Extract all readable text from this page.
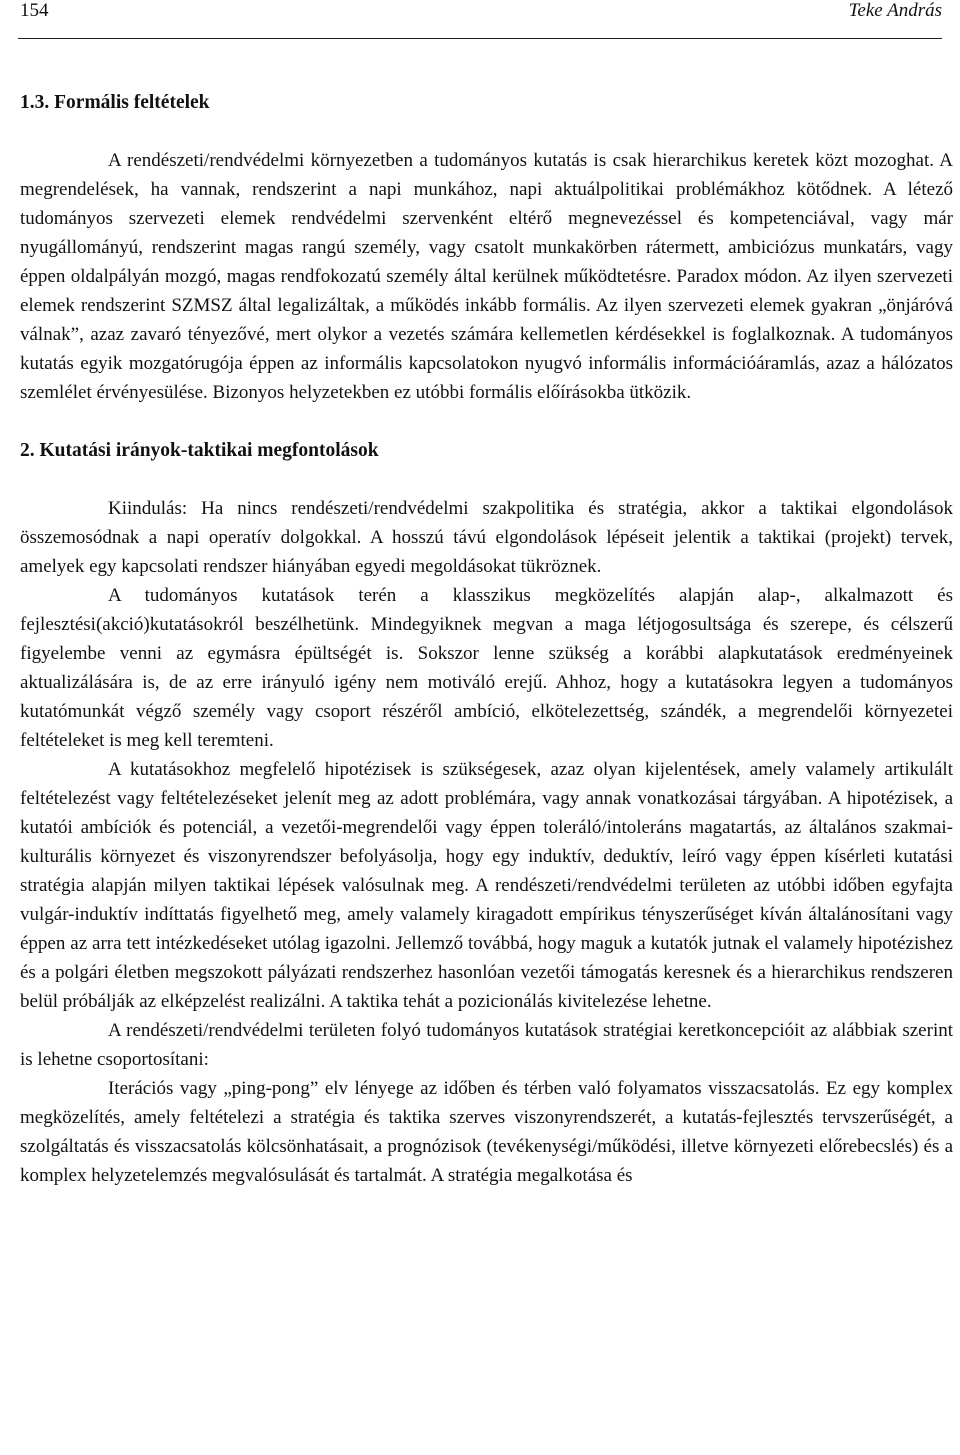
154	Teke András
1.3. Formális feltételek

A rendészeti/rendvédelmi környezetben a tudományos kutatás is csak hierarchikus keretek közt mozoghat. A megrendelések, ha vannak, rendszerint a napi munkához, napi aktuálpolitikai problémákhoz kötődnek. A létező tudományos szervezeti elemek rendvédelmi szervenként eltérő megnevezéssel és kompetenciával, vagy már nyugállományú, rendszerint magas rangú személy, vagy csatolt munkakörben rátermett, ambiciózus munkatárs, vagy éppen oldalpályán mozgó, magas rendfokozatú személy által kerülnek működtetésre. Paradox módon. Az ilyen szervezeti elemek rendszerint SZMSZ által legalizáltak, a működés inkább formális. Az ilyen szervezeti elemek gyakran „önjáróvá válnak”, azaz zavaró tényezővé, mert olykor a vezetés számára kellemetlen kérdésekkel is foglalkoznak. A tudományos kutatás egyik mozgatórugója éppen az informális kapcsolatokon nyugvó informális információáramlás, azaz a hálózatos szemlélet érvényesülése. Bizonyos helyzetekben ez utóbbi formális előírásokba ütközik.

2. Kutatási irányok-taktikai megfontolások

Kiindulás: Ha nincs rendészeti/rendvédelmi szakpolitika és stratégia, akkor a taktikai elgondolások összemosódnak a napi operatív dolgokkal. A hosszú távú elgondolások lépéseit jelentik a taktikai (projekt) tervek, amelyek egy kapcsolati rendszer hiányában egyedi megoldásokat tükröznek.

A tudományos kutatások terén a klasszikus megközelítés alapján alap-, alkalmazott és fejlesztési(akció)kutatásokról beszélhetünk. Mindegyiknek megvan a maga létjogosultsága és szerepe, és célszerű figyelembe venni az egymásra épültségét is. Sokszor lenne szükség a korábbi alapkutatások eredményeinek aktualizálására is, de az erre irányuló igény nem motiváló erejű. Ahhoz, hogy a kutatásokra legyen a tudományos kutatómunkát végző személy vagy csoport részéről ambíció, elkötelezettség, szándék, a megrendelői környezetei feltételeket is meg kell teremteni.

A kutatásokhoz megfelelő hipotézisek is szükségesek, azaz olyan kijelentések, amely valamely artikulált feltételezést vagy feltételezéseket jelenít meg az adott problémára, vagy annak vonatkozásai tárgyában. A hipotézisek, a kutatói ambíciók és potenciál, a vezetői-megrendelői vagy éppen toleráló/intoleráns magatartás, az általános szakmai-kulturális környezet és viszonyrendszer befolyásolja, hogy egy induktív, deduktív, leíró vagy éppen kísérleti kutatási stratégia alapján milyen taktikai lépések valósulnak meg. A rendészeti/rendvédelmi területen az utóbbi időben egyfajta vulgár-induktív indíttatás figyelhető meg, amely valamely kiragadott empírikus tényszerűséget kíván általánosítani vagy éppen az arra tett intézkedéseket utólag igazolni. Jellemző továbbá, hogy maguk a kutatók jutnak el valamely hipotézishez és a polgári életben megszokott pályázati rendszerhez hasonlóan vezetői támogatás keresnek és a hierarchikus rendszeren belül próbálják az elképzelést realizálni. A taktika tehát a pozicionálás kivitelezése lehetne.

A rendészeti/rendvédelmi területen folyó tudományos kutatások stratégiai keretkoncepcióit az alábbiak szerint is lehetne csoportosítani:

Iterációs vagy „ping-pong” elv lényege az időben és térben való folyamatos visszacsatolás. Ez egy komplex megközelítés, amely feltételezi a stratégia és taktika szerves viszonyrendszerét, a kutatás-fejlesztés tervszerűségét, a szolgáltatás és visszacsatolás kölcsönhatásait, a prognózisok (tevékenységi/működési, illetve környezeti előrebecslés) és a komplex helyzetelemzés megvalósulását és tartalmát. A stratégia megalkotása és
